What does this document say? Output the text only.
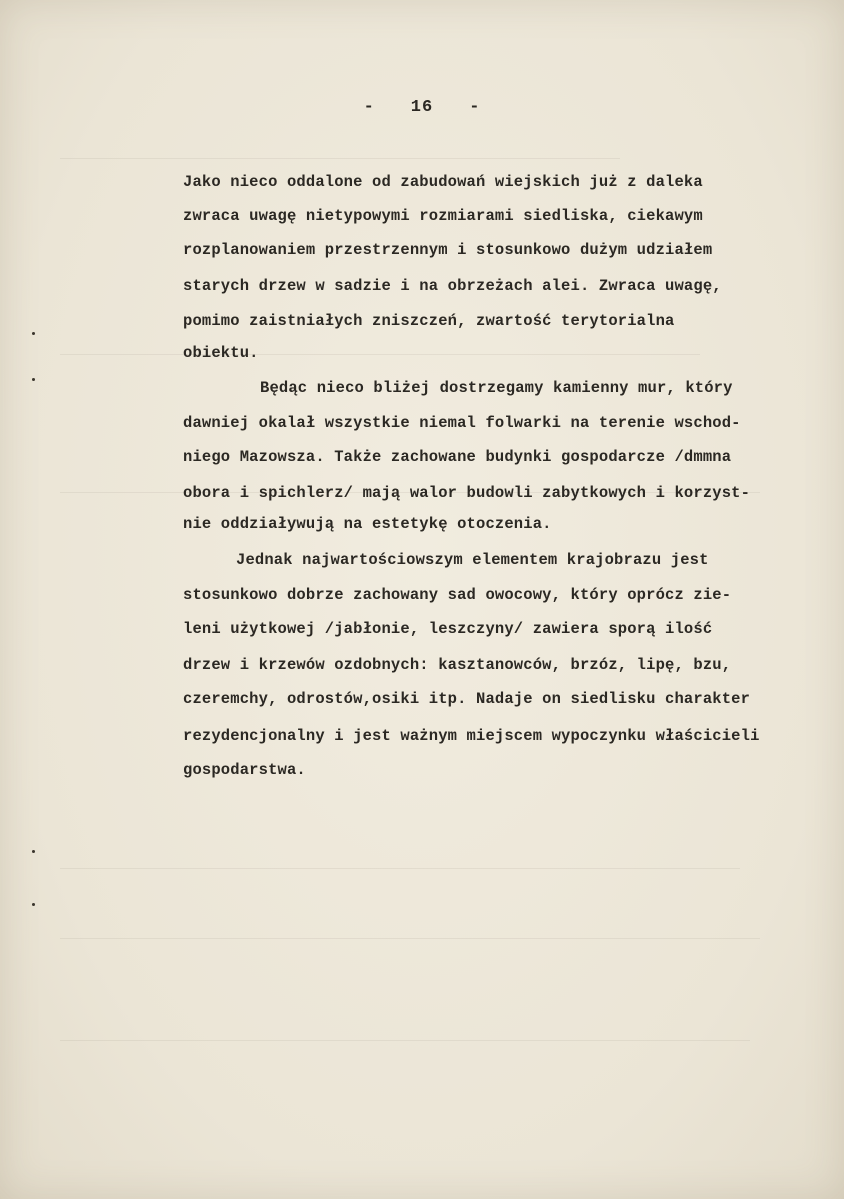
- 16 -
Jako nieco oddalone od zabudowań wiejskich już z daleka
zwraca uwagę nietypowymi rozmiarami siedliska, ciekawym
rozplanowaniem przestrzennym i stosunkowo dużym udziałem
starych drzew w sadzie i na obrzeżach alei. Zwraca uwagę,
pomimo zaistniałych zniszczeń, zwartość terytorialna
obiektu.
Będąc nieco bliżej dostrzegamy kamienny mur, który
dawniej okalał wszystkie niemal folwarki na terenie wschod-
niego Mazowsza. Także zachowane budynki gospodarcze /dmmna
obora i spichlerz/ mają walor budowli zabytkowych i korzyst-
nie oddziaływują na estetykę otoczenia.
Jednak najwartościowszym elementem krajobrazu jest
stosunkowo dobrze zachowany sad owocowy, który oprócz zie-
leni użytkowej /jabłonie, leszczyny/ zawiera sporą ilość
drzew i krzewów ozdobnych: kasztanowców, brzóz, lipę, bzu,
czeremchy, odrostów,osiki itp. Nadaje on siedlisku charakter
rezydencjonalny i jest ważnym miejscem wypoczynku właścicieli
gospodarstwa.
